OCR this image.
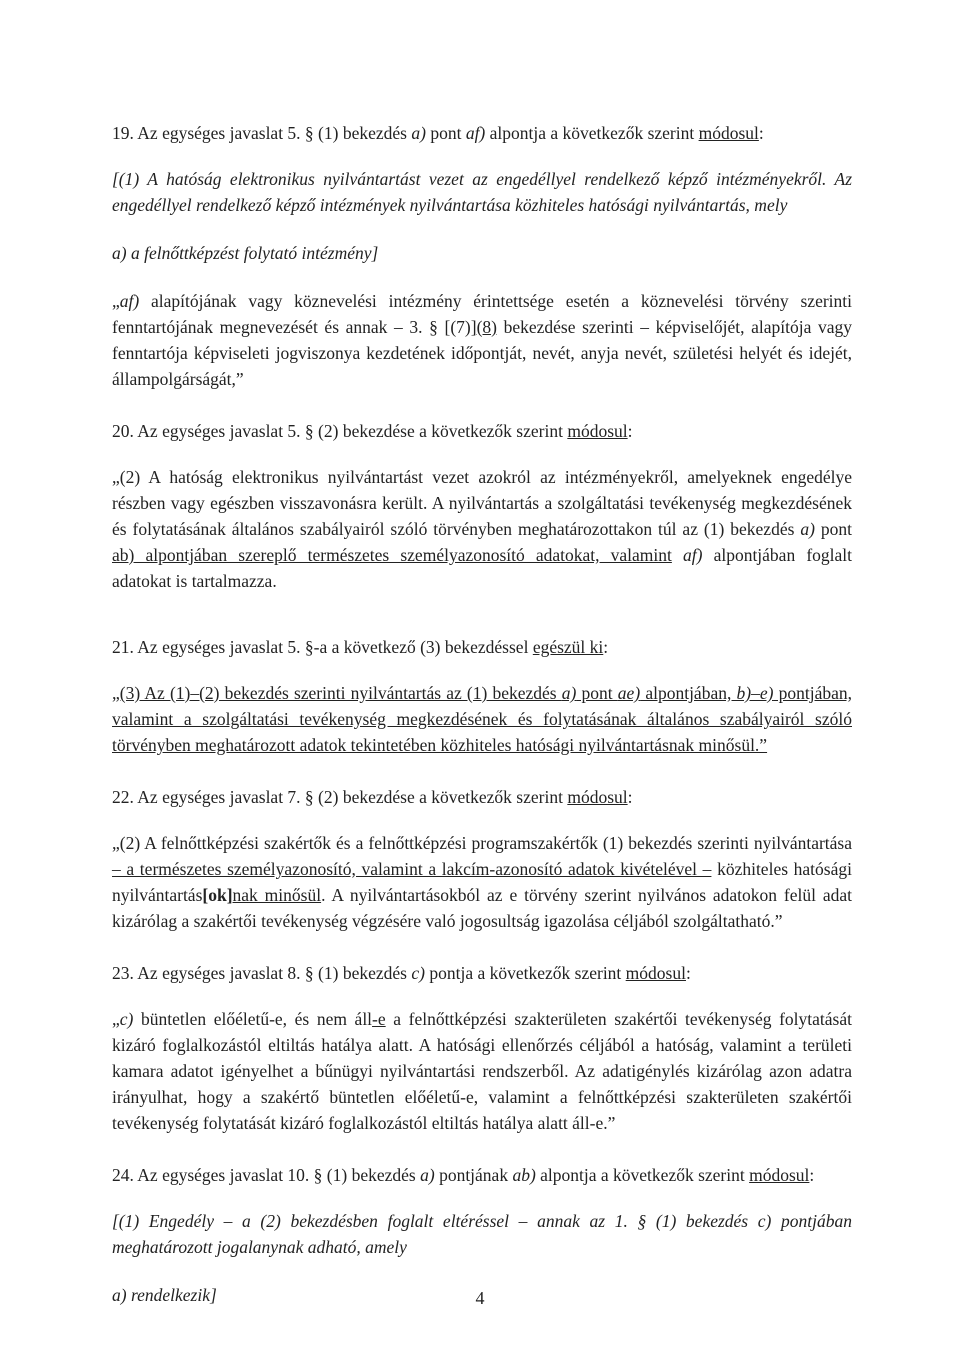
19. Az egységes javaslat 5. § (1) bekezdés a) pont af) alpontja a következők szerint módosul:

[(1) A hatóság elektronikus nyilvántartást vezet az engedéllyel rendelkező képző intézményekről. Az engedéllyel rendelkező képző intézmények nyilvántartása közhiteles hatósági nyilvántartás, mely

a) a felnőttképzést folytató intézmény]

„af) alapítójának vagy köznevelési intézmény érintettsége esetén a köznevelési törvény szerinti fenntartójának megnevezését és annak – 3. § [(7)](8) bekezdése szerinti – képviselőjét, alapítója vagy fenntartója képviseleti jogviszonya kezdetének időpontját, nevét, anyja nevét, születési helyét és idejét, állampolgárságát,”

20. Az egységes javaslat 5. § (2) bekezdése a következők szerint módosul:

„(2) A hatóság elektronikus nyilvántartást vezet azokról az intézményekről, amelyeknek engedélye részben vagy egészben visszavonásra került. A nyilvántartás a szolgáltatási tevékenység megkezdésének és folytatásának általános szabályairól szóló törvényben meghatározottakon túl az (1) bekezdés a) pont ab) alpontjában szereplő természetes személyazonosító adatokat, valamint af) alpontjában foglalt adatokat is tartalmazza.

21. Az egységes javaslat 5. §-a a következő (3) bekezdéssel egészül ki:

„(3) Az (1)–(2) bekezdés szerinti nyilvántartás az (1) bekezdés a) pont ae) alpontjában, b)–e) pontjában, valamint a szolgáltatási tevékenység megkezdésének és folytatásának általános szabályairól szóló törvényben meghatározott adatok tekintetében közhiteles hatósági nyilvántartásnak minősül.”

22. Az egységes javaslat 7. § (2) bekezdése a következők szerint módosul:

„(2) A felnőttképzési szakértők és a felnőttképzési programszakértők (1) bekezdés szerinti nyilvántartása – a természetes személyazonosító, valamint a lakcím-azonosító adatok kivételével – közhiteles hatósági nyilvántartás[ok]nak minősül. A nyilvántartásokból az e törvény szerint nyilvános adatokon felül adat kizárólag a szakértői tevékenység végzésére való jogosultság igazolása céljából szolgáltatható.”

23. Az egységes javaslat 8. § (1) bekezdés c) pontja a következők szerint módosul:

„c) büntetlen előéletű-e, és nem áll-e a felnőttképzési szakterületen szakértői tevékenység folytatását kizáró foglalkozástól eltiltás hatálya alatt. A hatósági ellenőrzés céljából a hatóság, valamint a területi kamara adatot igényelhet a bűnügyi nyilvántartási rendszerből. Az adatigénylés kizárólag azon adatra irányulhat, hogy a szakértő büntetlen előéletű-e, valamint a felnőttképzési szakterületen szakértői tevékenység folytatását kizáró foglalkozástól eltiltás hatálya alatt áll-e.”

24. Az egységes javaslat 10. § (1) bekezdés a) pontjának ab) alpontja a következők szerint módosul:

[(1) Engedély – a (2) bekezdésben foglalt eltéréssel – annak az 1. § (1) bekezdés c) pontjában meghatározott jogalanynak adható, amely

a) rendelkezik]	4
